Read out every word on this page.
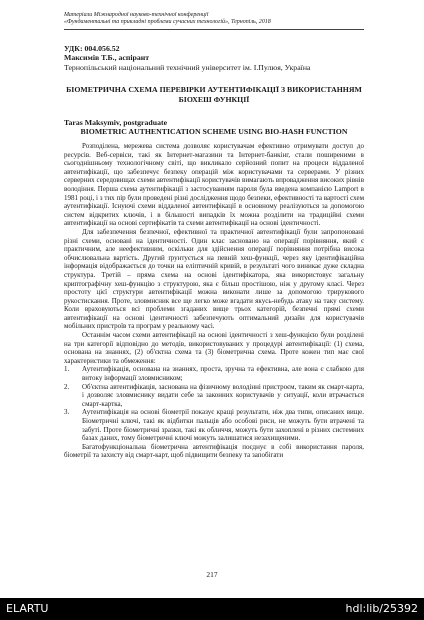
Матеріали Міжнародної науково-технічної конференції
«Фундаментальні та прикладні проблеми сучасних технологій», Тернопіль, 2018
УДК: 004.056.52
Максимів Т.Б., аспірант
Тернопільський національний технічний університет ім. І.Пулюя, Україна
БІОМЕТРИЧНА СХЕМА ПЕРЕВІРКИ АУТЕНТИФІКАЦІЇ З ВИКОРИСТАННЯМ БІОХЕШ ФУНКЦІЇ
Taras Maksymiv, postgraduate
BIOMETRIC AUTHENTICATION SCHEME USING BIO-HASH FUNCTION

Розподілена, мережева система дозволяє користувачам ефективно отримувати доступ до ресурсів. Веб-сервіси, такі як Інтернет-магазини та Інтернет-банкінг, стали поширеними в сьогоднішньому технологічному світі, що викликало серйозний попит на процеси віддаленої автентифікації, що забезпечує безпеку операцій між користувачами та серверами. У різних серверних середовищах схеми автентифікації користувачів вимагають впровадження високих рівнів володіння. Перша схема аутентифікації з застосуванням пароля була введена компанією Lamport в 1981 році, і з тих пір були проведені різні дослідження щодо безпеки, ефективності та вартості схем аутентифікації. Існуючі схеми віддаленої автентифікації в основному реалізуються за допомогою систем відкритих ключів, і в більшості випадків їх можна розділити на традиційні схеми автентифікації на основі сертифікатів та схеми автентифікації на основі ідентичності.

Для забезпечення безпечної, ефективної та практичної автентифікації були запропоновані різні схеми, основані на ідентичності. Один клас засновано на операції порівняння, який є практичним, але неефективним, оскільки для здійснення операції порівняння потрібна висока обчислювальна вартість. Другий ґрунтується на певній хеш-функції, через яку ідентифікаційна інформація відображається до точки на еліптичній кривій, в результаті чого виникає дуже складна структура. Третій – пряма схема на основі ідентифікатора, яка використовує загальну криптографічну хеш-функцію з структурою, яка є більш простішою, ніж у другому класі. Через простоту цієї структури автентифікації можна виконати лише за допомогою трирукового рукостискання. Проте, зловмисник все ще легко може вгадати якусь-небудь атаку на таку систему. Коли враховуються всі проблеми згаданих вище трьох категорій, безпечні прямі схеми автентифікації на основі ідентичності забезпечують оптимальний дизайн для користувачів мобільних пристроїв та програм у реальному часі.

Останнім часом схеми автентифікації на основі ідентичності з хеш-функцією були розділені на три категорії відповідно до методів, використовуваних у процедурі автентифікації: (1) схема, основана на знаннях, (2) об'єктна схема та (3) біометрична схема. Проте кожен тип має свої характеристики та обмеження:

1. Аутентифікація, основана на знаннях, проста, зручна та ефективна, але вона є слабкою для витоку інформації зловмисником;
2. Об'єктна автентифікація, заснована на фізичному володінні пристроєм, таким як смарт-карта, і дозволяє зловмиснику видати себе за законних користувачів у ситуації, коли втрачається смарт-картка,
3. Аутентифікація на основі біометрії показує кращі результати, ніж два типи, описаних вище. Біометричні ключі, такі як відбитки пальців або особові риси, не можуть бути втрачені та забуті. Проте біометричні зразки, такі як обличчя, можуть бути захоплені в різних системних базах даних, тому біометричні ключі можуть залишатися незахищеними.

Багатофункціональна біометрична автентифікація поєднує в собі використання пароля, біометрії та захисту від смарт-карт, щоб підвищити безпеку та запобігати

217
ELARTU	hdl:lib/25392
